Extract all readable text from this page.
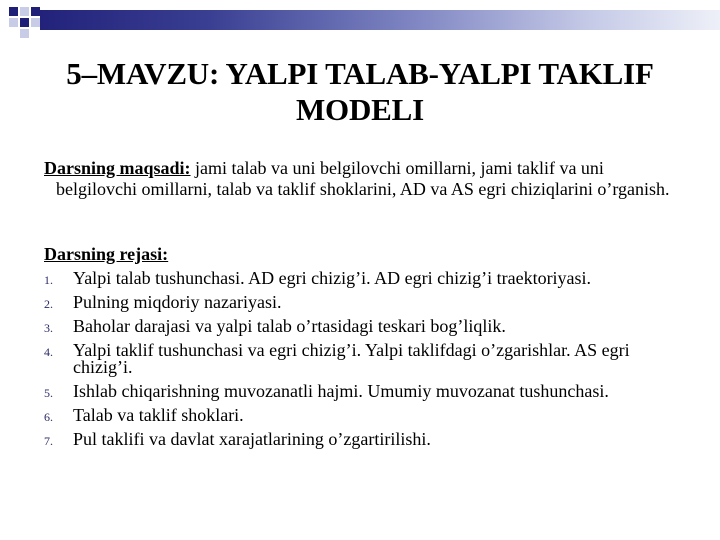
5–MAVZU: YALPI TALAB-YALPI TAKLIF
MODELI
Darsning maqsadi: jami talab va uni belgilovchi omillarni, jami taklif va uni
belgilovchi omillarni, talab va taklif shoklarini, AD va AS egri chiziqlarini o’rganish.
Darsning rejasi:
1. Yalpi talab tushunchasi. AD egri chizig’i. AD egri chizig’i traektoriyasi.
2. Pulning miqdoriy nazariyasi.
3. Baholar darajasi va yalpi talab o’rtasidagi teskari bog’liqlik.
4. Yalpi taklif tushunchasi va egri chizig’i. Yalpi taklifdagi o’zgarishlar. AS egri chizig’i.
5. Ishlab chiqarishning muvozanatli hajmi. Umumiy muvozanat tushunchasi.
6. Talab va taklif shoklari.
7. Pul taklifi va davlat xarajatlarining o’zgartirilishi.
